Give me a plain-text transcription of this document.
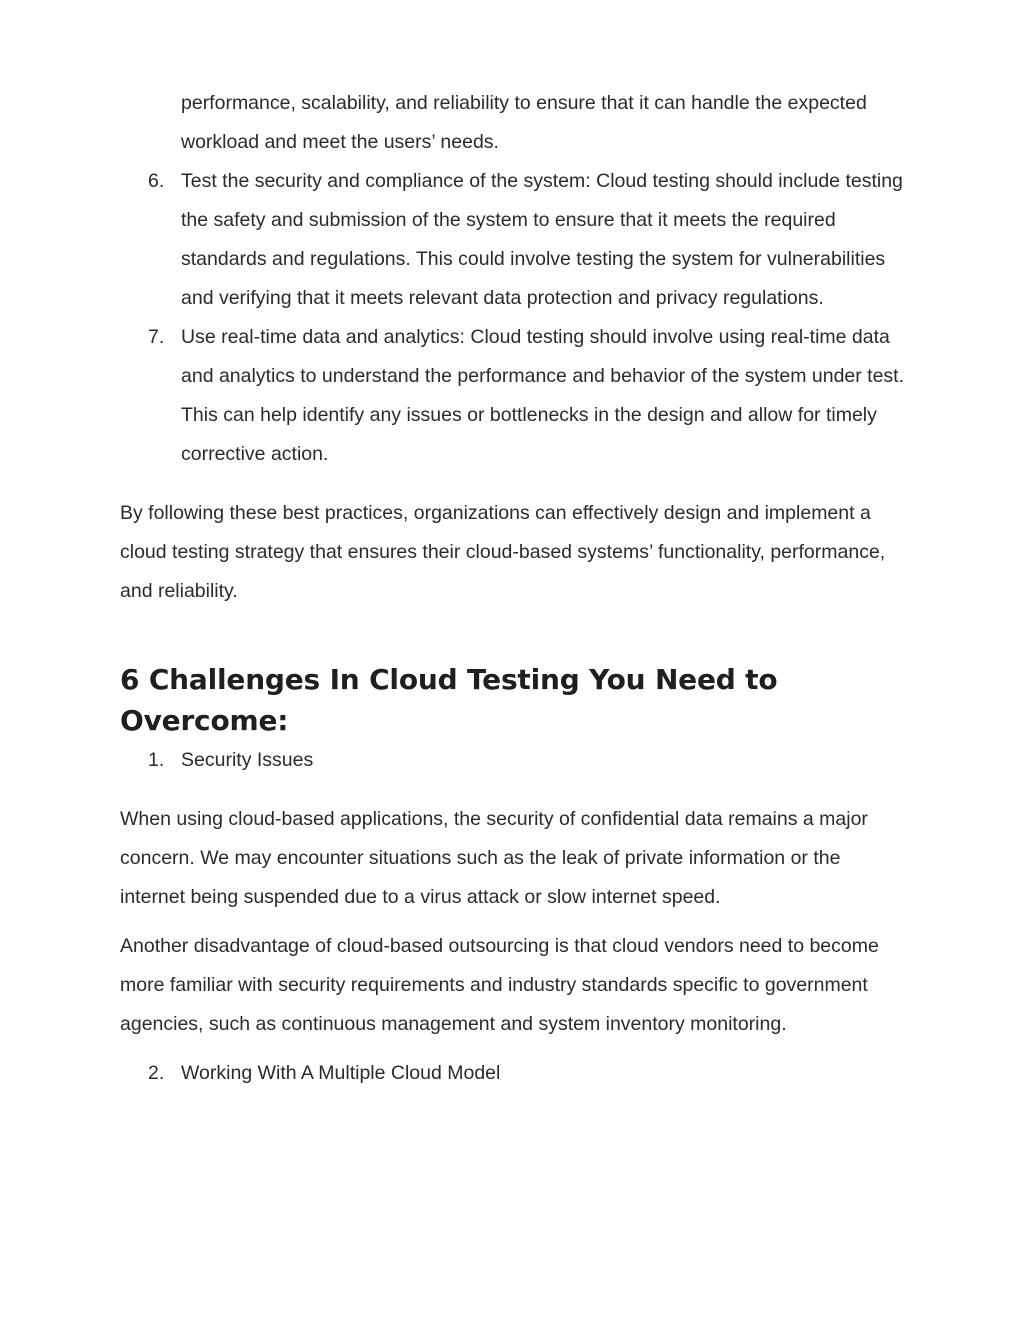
performance, scalability, and reliability to ensure that it can handle the expected workload and meet the users’ needs.
6. Test the security and compliance of the system: Cloud testing should include testing the safety and submission of the system to ensure that it meets the required standards and regulations. This could involve testing the system for vulnerabilities and verifying that it meets relevant data protection and privacy regulations.
7. Use real-time data and analytics: Cloud testing should involve using real-time data and analytics to understand the performance and behavior of the system under test. This can help identify any issues or bottlenecks in the design and allow for timely corrective action.

By following these best practices, organizations can effectively design and implement a cloud testing strategy that ensures their cloud-based systems’ functionality, performance, and reliability.

6 Challenges In Cloud Testing You Need to
Overcome:
1. Security Issues

When using cloud-based applications, the security of confidential data remains a major concern. We may encounter situations such as the leak of private information or the internet being suspended due to a virus attack or slow internet speed.

Another disadvantage of cloud-based outsourcing is that cloud vendors need to become more familiar with security requirements and industry standards specific to government agencies, such as continuous management and system inventory monitoring.

2. Working With A Multiple Cloud Model
